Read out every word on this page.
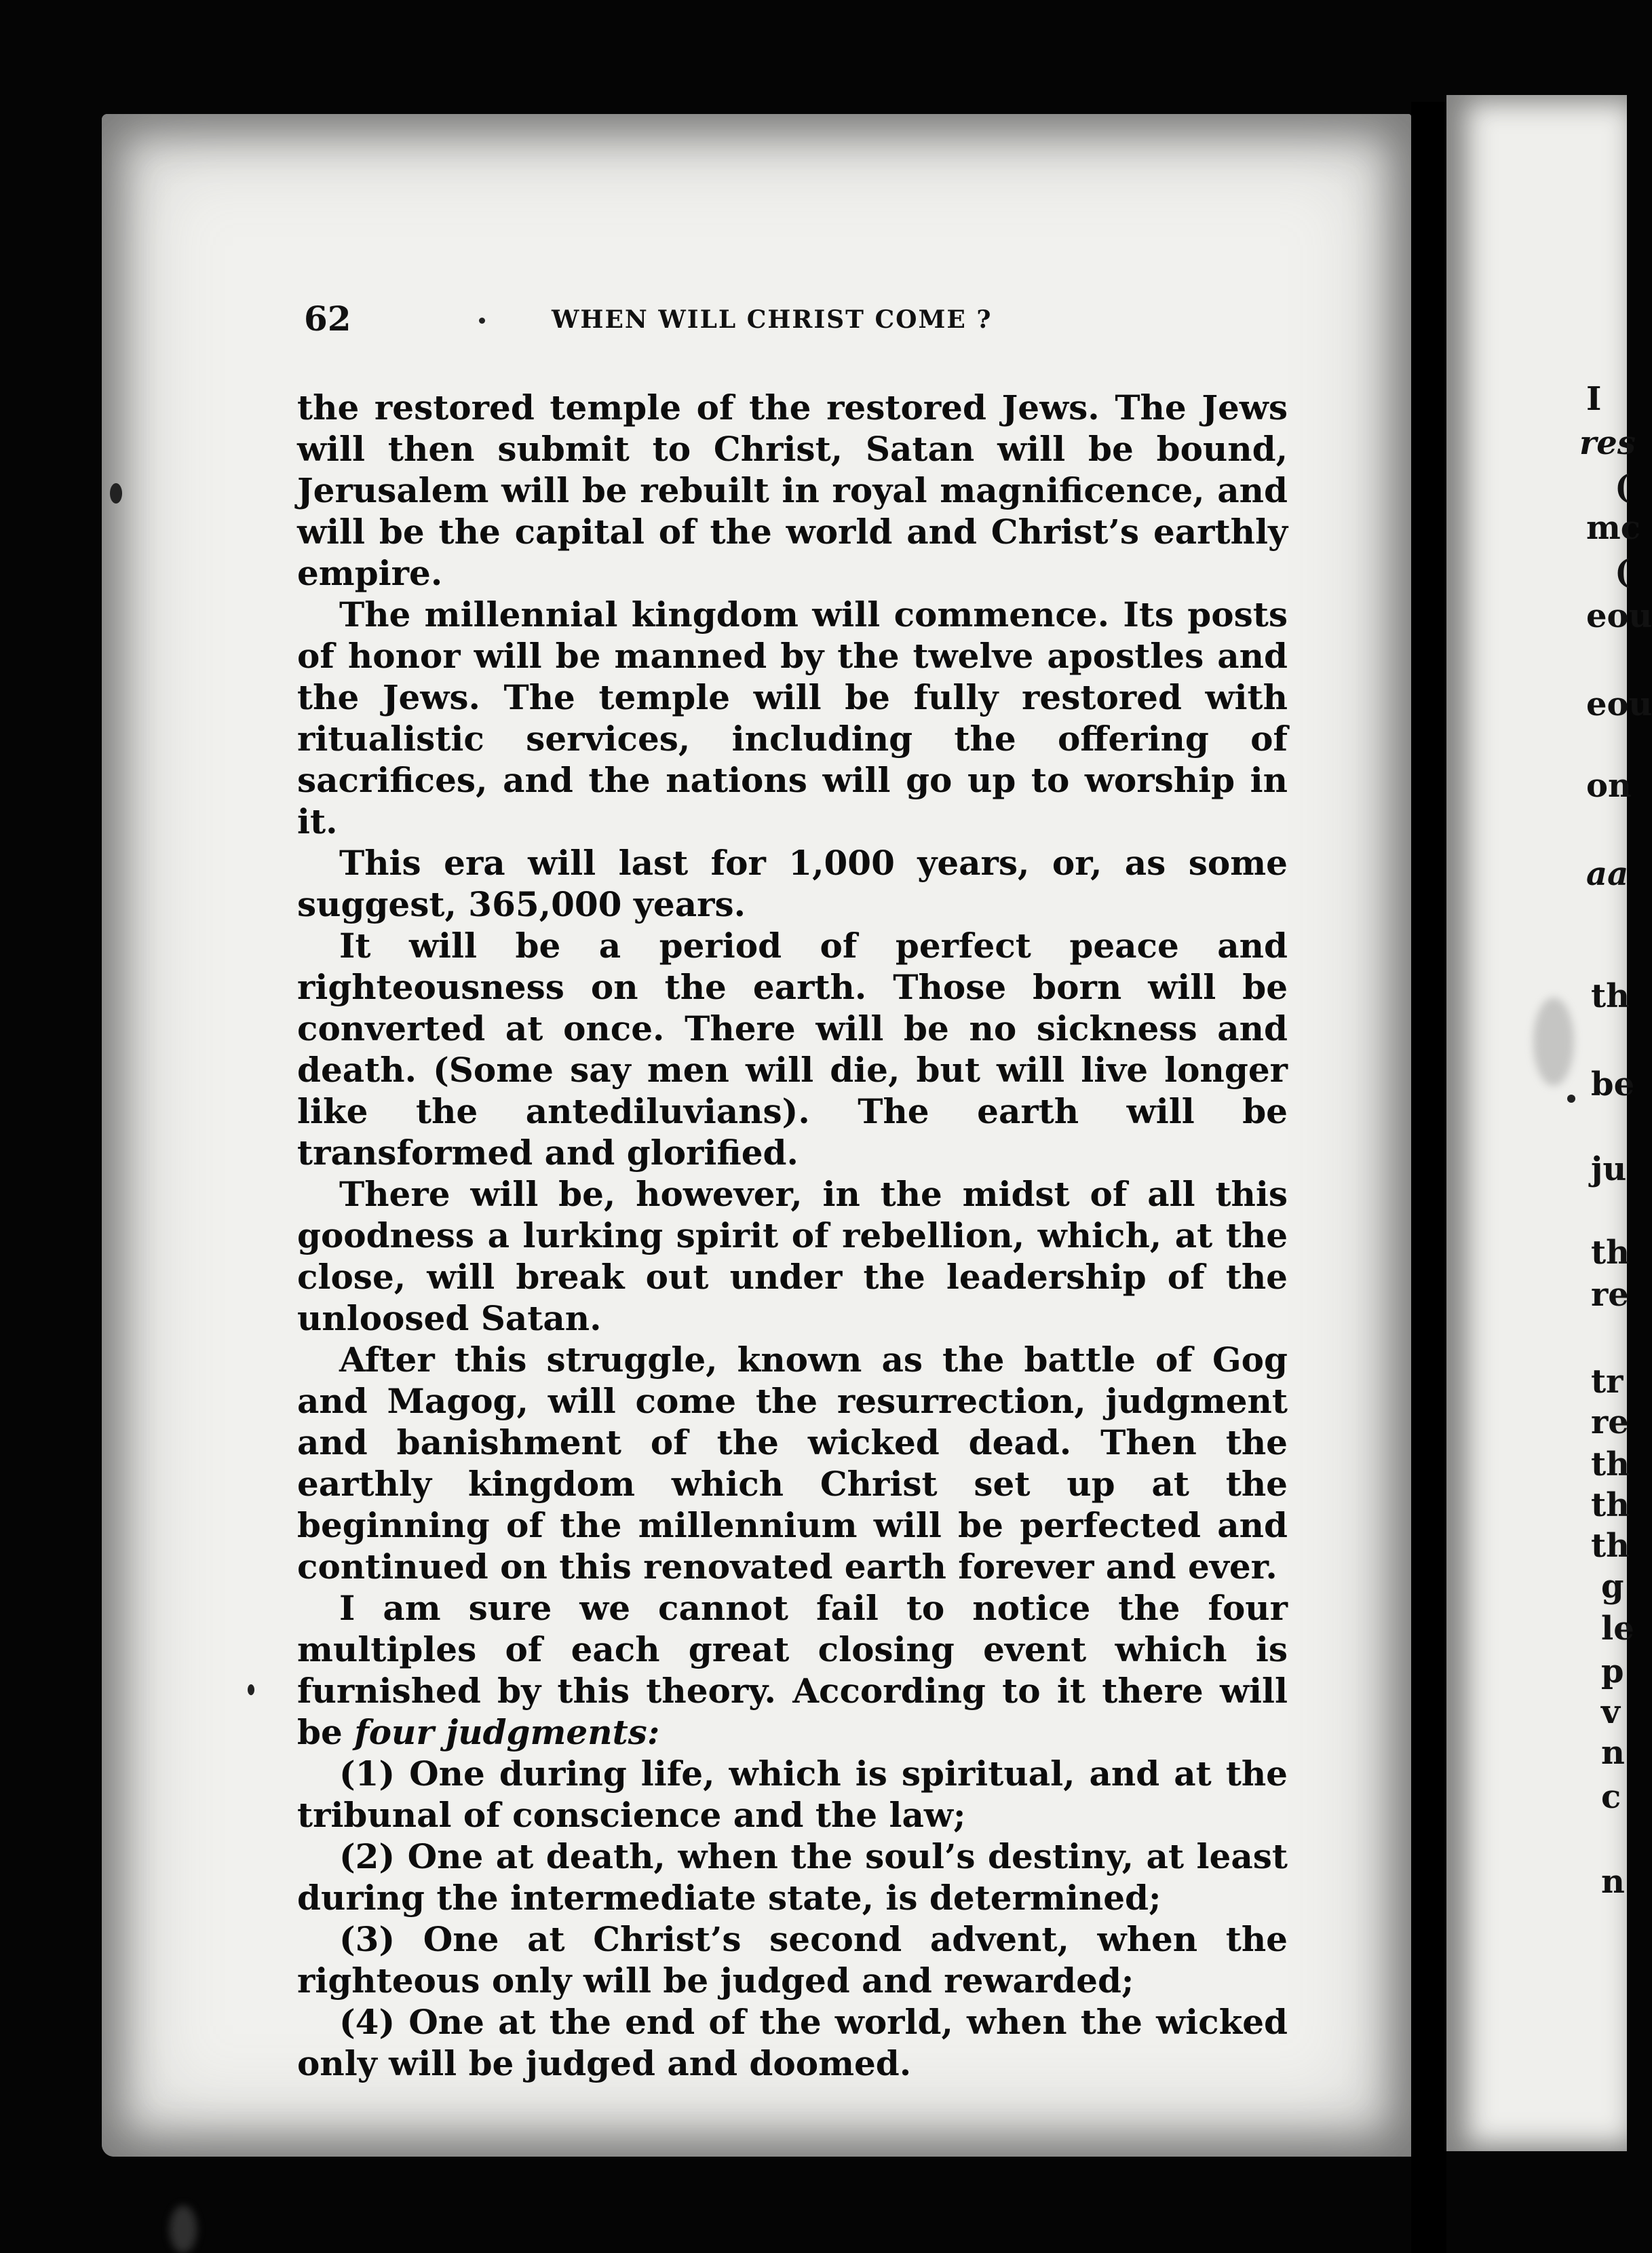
62	WHEN WILL CHRIST COME ?

the restored temple of the restored Jews. The Jews will then submit to Christ, Satan will be bound, Jerusalem will be rebuilt in royal magnificence, and will be the capital of the world and Christ’s earthly empire.

The millennial kingdom will commence. Its posts of honor will be manned by the twelve apostles and the Jews. The temple will be fully restored with ritualistic services, including the offering of sacrifices, and the nations will go up to worship in it.

This era will last for 1,000 years, or, as some suggest, 365,000 years.

It will be a period of perfect peace and righteousness on the earth. Those born will be converted at once. There will be no sickness and death. (Some say men will die, but will live longer like the antediluvians). The earth will be transformed and glorified.

There will be, however, in the midst of all this goodness a lurking spirit of rebellion, which, at the close, will break out under the leadership of the unloosed Satan.

After this struggle, known as the battle of Gog and Magog, will come the resurrection, judgment and banishment of the wicked dead. Then the earthly kingdom which Christ set up at the beginning of the millennium will be perfected and continued on this renovated earth forever and ever.

I am sure we cannot fail to notice the four multiples of each great closing event which is furnished by this theory. According to it there will be four judgments:

(1) One during life, which is spiritual, and at the tribunal of conscience and the law;

(2) One at death, when the soul’s destiny, at least during the intermediate state, is determined;

(3) One at Christ’s second advent, when the righteous only will be judged and rewarded;

(4) One at the end of the world, when the wicked only will be judged and doomed.

I
res
(
mc
(
eou
eou
on
aa
th
be
ju
th
re
tr
re
th
th
th
g
le
p
v
n
c
n
